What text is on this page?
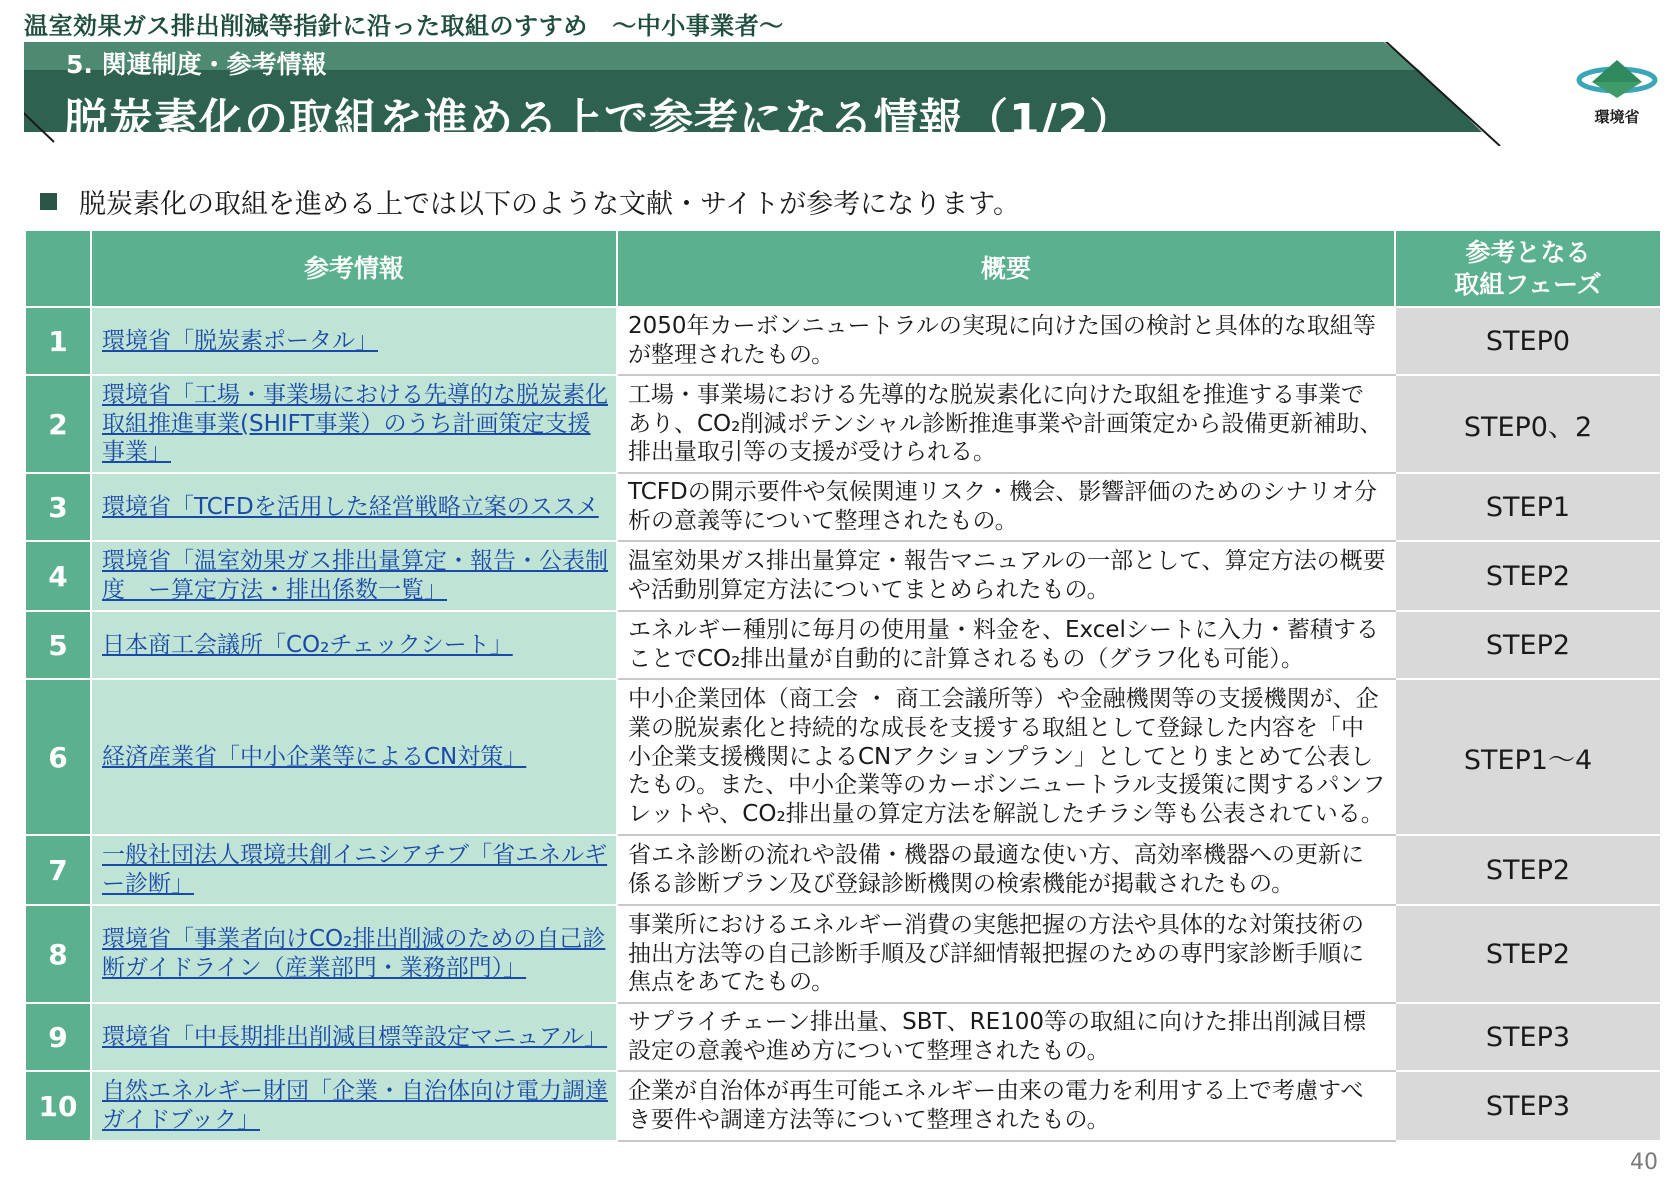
温室効果ガス排出削減等指針に沿った取組のすすめ　～中小事業者～
5. 関連制度・参考情報
脱炭素化の取組を進める上で参考になる情報（1/2）	環境省
脱炭素化の取組を進める上では以下のような文献・サイトが参考になります。
	参考情報	概要	参考となる
取組フェーズ
1	環境省「脱炭素ポータル」	2050年カーボンニュートラルの実現に向けた国の検討と具体的な取組等が整理されたもの。	STEP0
2	環境省「工場・事業場における先導的な脱炭素化取組推進事業(SHIFT事業）のうち計画策定支援事業」	工場・事業場における先導的な脱炭素化に向けた取組を推進する事業であり、CO₂削減ポテンシャル診断推進事業や計画策定から設備更新補助、排出量取引等の支援が受けられる。	STEP0、2
3	環境省「TCFDを活用した経営戦略立案のススメ	TCFDの開示要件や気候関連リスク・機会、影響評価のためのシナリオ分析の意義等について整理されたもの。	STEP1
4	環境省「温室効果ガス排出量算定・報告・公表制度　ー算定方法・排出係数一覧」	温室効果ガス排出量算定・報告マニュアルの一部として、算定方法の概要や活動別算定方法についてまとめられたもの。	STEP2
5	日本商工会議所「CO₂チェックシート」	エネルギー種別に毎月の使用量・料金を、Excelシートに入力・蓄積することでCO₂排出量が自動的に計算されるもの（グラフ化も可能）。	STEP2
6	経済産業省「中小企業等によるCN対策」	中小企業団体（商工会 ・ 商工会議所等）や金融機関等の支援機関が、企業の脱炭素化と持続的な成長を支援する取組として登録した内容を「中小企業支援機関によるCNアクションプラン」としてとりまとめて公表したもの。また、中小企業等のカーボンニュートラル支援策に関するパンフレットや、CO₂排出量の算定方法を解説したチラシ等も公表されている。	STEP1～4
7	一般社団法人環境共創イニシアチブ「省エネルギー診断」	省エネ診断の流れや設備・機器の最適な使い方、高効率機器への更新に係る診断プラン及び登録診断機関の検索機能が掲載されたもの。	STEP2
8	環境省「事業者向けCO₂排出削減のための自己診断ガイドライン（産業部門・業務部門）」	事業所におけるエネルギー消費の実態把握の方法や具体的な対策技術の抽出方法等の自己診断手順及び詳細情報把握のための専門家診断手順に焦点をあてたもの。	STEP2
9	環境省「中長期排出削減目標等設定マニュアル」	サプライチェーン排出量、SBT、RE100等の取組に向けた排出削減目標設定の意義や進め方について整理されたもの。	STEP3
10	自然エネルギー財団「企業・自治体向け電力調達ガイドブック」	企業が自治体が再生可能エネルギー由来の電力を利用する上で考慮すべき要件や調達方法等について整理されたもの。	STEP3
40
